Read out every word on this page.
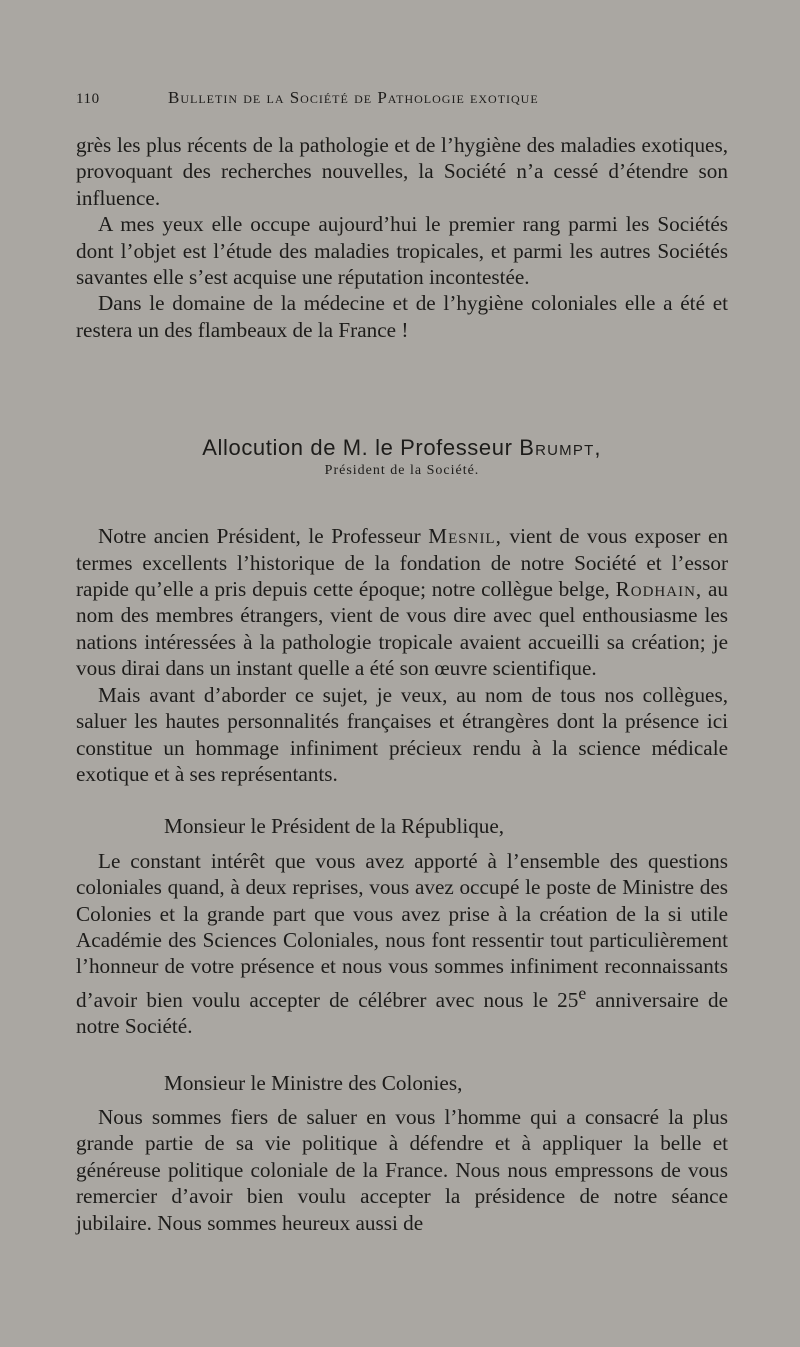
110	Bulletin de la Société de Pathologie exotique

grès les plus récents de la pathologie et de l’hygiène des maladies exotiques, provoquant des recherches nouvelles, la Société n’a cessé d’étendre son influence.

A mes yeux elle occupe aujourd’hui le premier rang parmi les Sociétés dont l’objet est l’étude des maladies tropicales, et parmi les autres Sociétés savantes elle s’est acquise une réputation incontestée.

Dans le domaine de la médecine et de l’hygiène coloniales elle a été et restera un des flambeaux de la France !

Allocution de M. le Professeur Brumpt,
Président de la Société.

Notre ancien Président, le Professeur Mesnil, vient de vous exposer en termes excellents l’historique de la fondation de notre Société et l’essor rapide qu’elle a pris depuis cette époque; notre collègue belge, Rodhain, au nom des membres étrangers, vient de vous dire avec quel enthousiasme les nations intéressées à la pathologie tropicale avaient accueilli sa création; je vous dirai dans un instant quelle a été son œuvre scientifique.

Mais avant d’aborder ce sujet, je veux, au nom de tous nos collègues, saluer les hautes personnalités françaises et étrangères dont la présence ici constitue un hommage infiniment précieux rendu à la science médicale exotique et à ses représentants.

Monsieur le Président de la République,

Le constant intérêt que vous avez apporté à l’ensemble des questions coloniales quand, à deux reprises, vous avez occupé le poste de Ministre des Colonies et la grande part que vous avez prise à la création de la si utile Académie des Sciences Coloniales, nous font ressentir tout particulièrement l’honneur de votre présence et nous vous sommes infiniment reconnaissants d’avoir bien voulu accepter de célébrer avec nous le 25e anniversaire de notre Société.

Monsieur le Ministre des Colonies,

Nous sommes fiers de saluer en vous l’homme qui a consacré la plus grande partie de sa vie politique à défendre et à appliquer la belle et généreuse politique coloniale de la France. Nous nous empressons de vous remercier d’avoir bien voulu accepter la présidence de notre séance jubilaire. Nous sommes heureux aussi de
